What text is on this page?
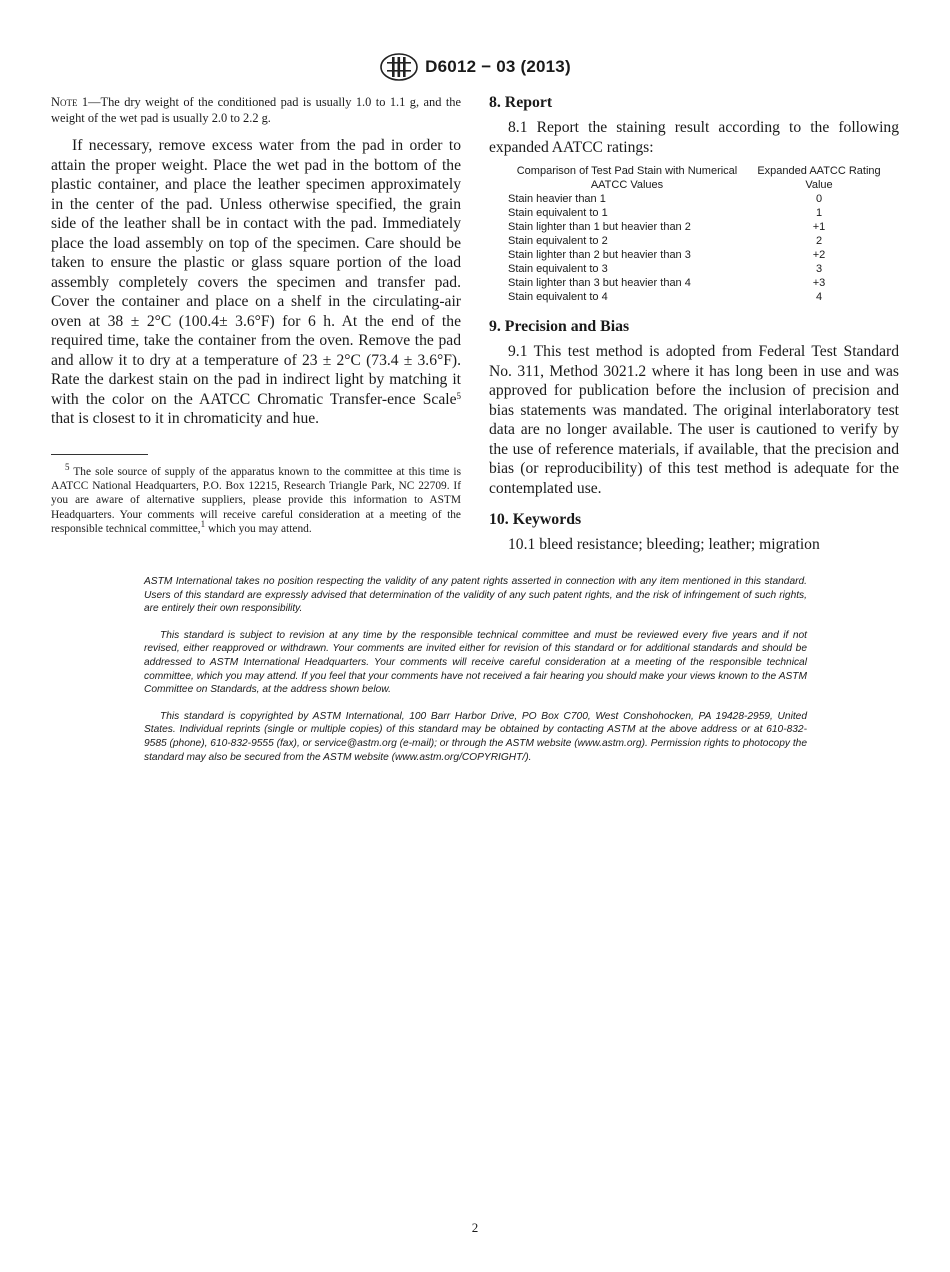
D6012 − 03 (2013)

Note 1—The dry weight of the conditioned pad is usually 1.0 to 1.1 g, and the weight of the wet pad is usually 2.0 to 2.2 g.

If necessary, remove excess water from the pad in order to attain the proper weight. Place the wet pad in the bottom of the plastic container, and place the leather specimen approximately in the center of the pad. Unless otherwise specified, the grain side of the leather shall be in contact with the pad. Immediately place the load assembly on top of the specimen. Care should be taken to ensure the plastic or glass square portion of the load assembly completely covers the specimen and transfer pad. Cover the container and place on a shelf in the circulating-air oven at 38 ± 2°C (100.4± 3.6°F) for 6 h. At the end of the required time, take the container from the oven. Remove the pad and allow it to dry at a temperature of 23 ± 2°C (73.4 ± 3.6°F). Rate the darkest stain on the pad in indirect light by matching it with the color on the AATCC Chromatic Transfer-ence Scale$^5$ that is closest to it in chromaticity and hue.

$^5$ The sole source of supply of the apparatus known to the committee at this time is AATCC National Headquarters, P.O. Box 12215, Research Triangle Park, NC 22709. If you are aware of alternative suppliers, please provide this information to ASTM Headquarters. Your comments will receive careful consideration at a meeting of the responsible technical committee,$^1$ which you may attend.

8. Report

8.1 Report the staining result according to the following expanded AATCC ratings:

Comparison of Test Pad Stain with Numerical AATCC Values	Expanded AATCC Rating Value
Stain heavier than 1	0
Stain equivalent to 1	1
Stain lighter than 1 but heavier than 2	+1
Stain equivalent to 2	2
Stain lighter than 2 but heavier than 3	+2
Stain equivalent to 3	3
Stain lighter than 3 but heavier than 4	+3
Stain equivalent to 4	4

9. Precision and Bias

9.1 This test method is adopted from Federal Test Standard No. 311, Method 3021.2 where it has long been in use and was approved for publication before the inclusion of precision and bias statements was mandated. The original interlaboratory test data are no longer available. The user is cautioned to verify by the use of reference materials, if available, that the precision and bias (or reproducibility) of this test method is adequate for the contemplated use.

10. Keywords

10.1 bleed resistance; bleeding; leather; migration

ASTM International takes no position respecting the validity of any patent rights asserted in connection with any item mentioned in this standard. Users of this standard are expressly advised that determination of the validity of any such patent rights, and the risk of infringement of such rights, are entirely their own responsibility.

This standard is subject to revision at any time by the responsible technical committee and must be reviewed every five years and if not revised, either reapproved or withdrawn. Your comments are invited either for revision of this standard or for additional standards and should be addressed to ASTM International Headquarters. Your comments will receive careful consideration at a meeting of the responsible technical committee, which you may attend. If you feel that your comments have not received a fair hearing you should make your views known to the ASTM Committee on Standards, at the address shown below.

This standard is copyrighted by ASTM International, 100 Barr Harbor Drive, PO Box C700, West Conshohocken, PA 19428-2959, United States. Individual reprints (single or multiple copies) of this standard may be obtained by contacting ASTM at the above address or at 610-832-9585 (phone), 610-832-9555 (fax), or service@astm.org (e-mail); or through the ASTM website (www.astm.org). Permission rights to photocopy the standard may also be secured from the ASTM website (www.astm.org/COPYRIGHT/).

2
